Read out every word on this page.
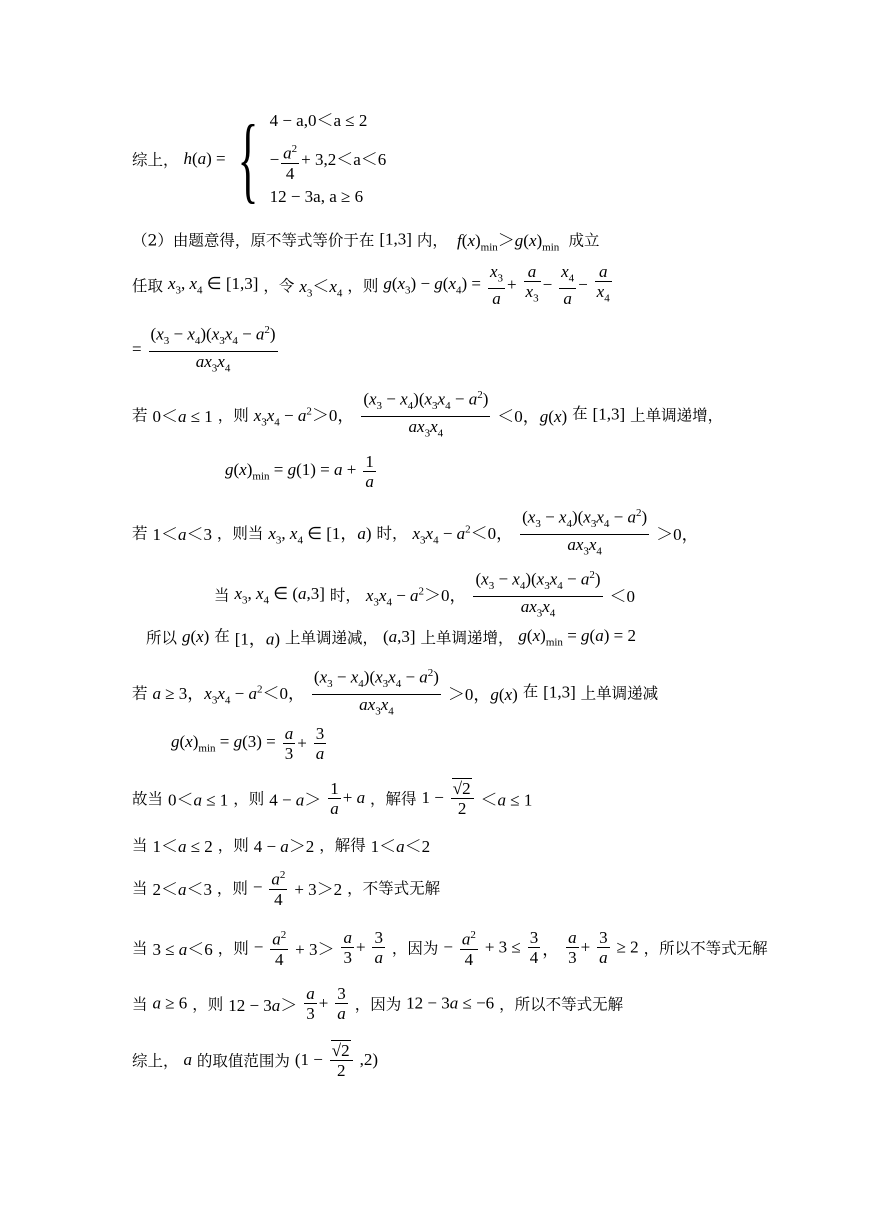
综上， h(a) = { 4 − a,0＜a ≤ 2
− $\frac{a^2}{4} + 3,2<a<6$
12 − 3a, a ≥ 6
（2）由题意得，原不等式等价于在 [1,3] 内， $f(x)_{min}>g(x)_{min}$ 成立
任取 $x_3$, $x_4$ ∈ [1,3] ，令 $x_3<x_4$ ，则 $g(x_3) - g(x_4) = \frac{x_3}{a} + \frac{a}{x_3} - \frac{x_4}{a} - \frac{a}{x_4}$
= $\frac{(x_3 - x_4)(x_3x_4 - a^2)}{ax_3x_4}$
若 0＜a ≤ 1 ，则 $x_3x_4 - a^2>0$， $\frac{(x_3 - x_4)(x_3x_4 - a^2)}{ax_3x_4} <0$，g(x) 在 [1,3] 上单调递增，
$g(x)_{min} = g(1) = a + \frac{1}{a}$
若 1＜a＜3 ，则当 $x_3$, $x_4$ ∈ [1，a) 时， $x_3x_4 - a^2<0$， $\frac{(x_3 - x_4)(x_3x_4 - a^2)}{ax_3x_4} >0$，
当 $x_3$, $x_4$ ∈ (a,3] 时， $x_3x_4 - a^2>0$， $\frac{(x_3 - x_4)(x_3x_4 - a^2)}{ax_3x_4} <0$
所以 g(x) 在 [1，a) 上单调递减， (a,3] 上单调递增， $g(x)_{min} = g(a) = 2$
若 a ≥ 3，$x_3x_4 - a^2<0$， $\frac{(x_3 - x_4)(x_3x_4 - a^2)}{ax_3x_4} >0$，g(x) 在 [1,3] 上单调递减
$g(x)_{min} = g(3) = \frac{a}{3} + \frac{3}{a}$
故当 0＜a ≤ 1 ，则 $4 - a> \frac{1}{a} + a$ ，解得 $1 - \frac{√2}{2} <a \le 1$
当 1＜a ≤ 2 ，则 4 − a＞2 ，解得 1＜a＜2
当 2＜a＜3 ，则 − $\frac{a^2}{4} + 3>2$ ，不等式无解
当 3 ≤ a＜6 ，则 − $\frac{a^2}{4} + 3> \frac{a}{3} + \frac{3}{a}$ ，因为 − $\frac{a^2}{4} + 3 \le \frac{3}{4}$ ， $\frac{a}{3} + \frac{3}{a} \ge 2$ ，所以不等式无解
当 a ≥ 6 ，则 $12 - 3a> \frac{a}{3} + \frac{3}{a}$ ，因为 12 − 3a ≤ −6 ，所以不等式无解
综上， a 的取值范围为 $(1 - \frac{√2}{2} ,2)$
